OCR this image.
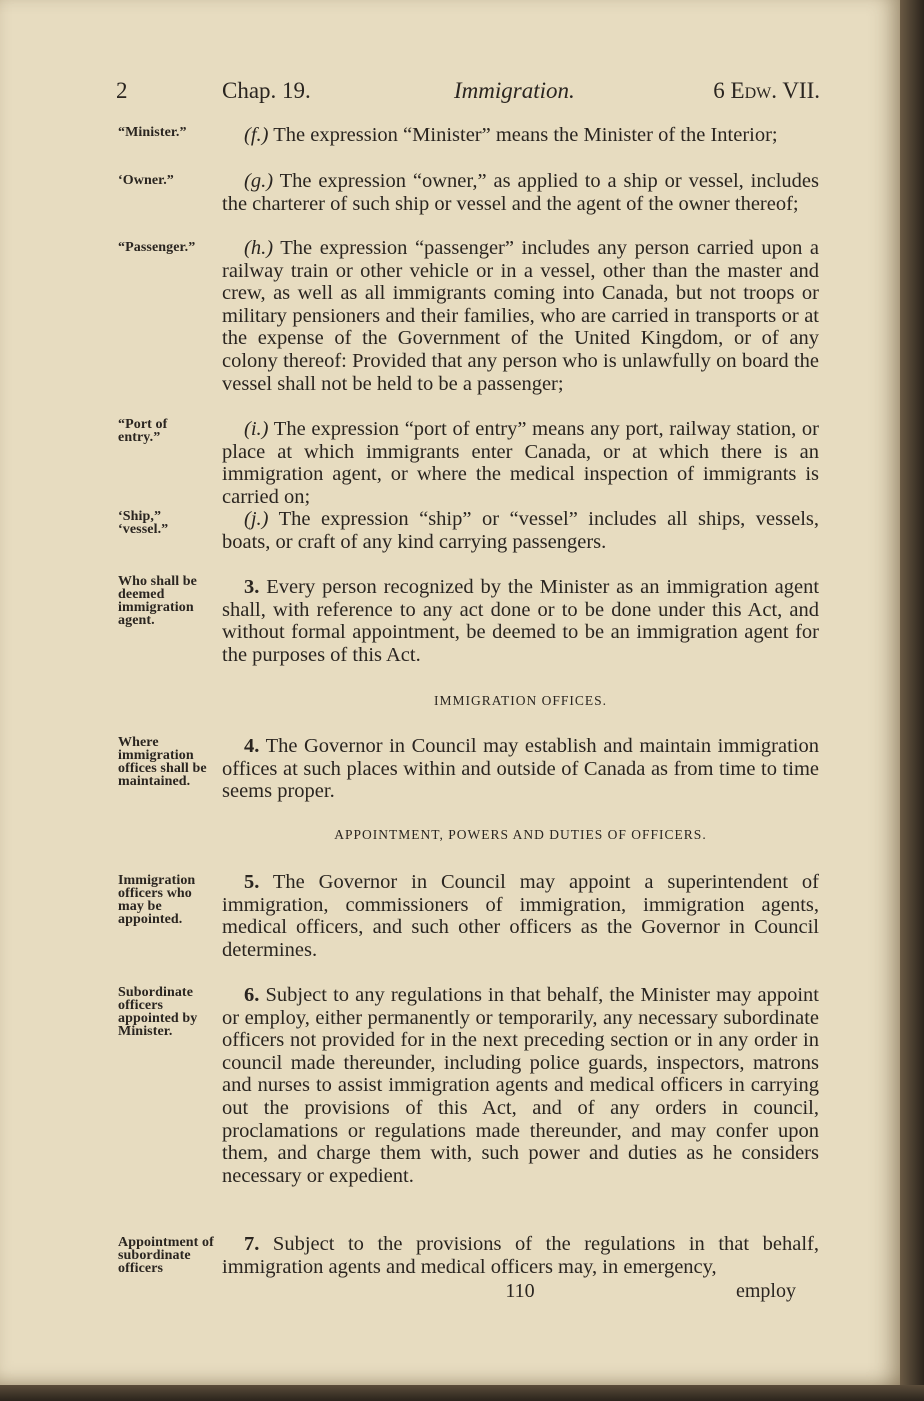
2	Chap. 19.	Immigration.	6 Edw. VII.
“Minister.”	(f.) The expression “Minister” means the Minister of the Interior;
‘Owner.”	(g.) The expression “owner,” as applied to a ship or vessel, includes the charterer of such ship or vessel and the agent of the owner thereof;
“Passenger.”	(h.) The expression “passenger” includes any person carried upon a railway train or other vehicle or in a vessel, other than the master and crew, as well as all immigrants coming into Canada, but not troops or military pensioners and their families, who are carried in transports or at the expense of the Government of the United Kingdom, or of any colony thereof: Provided that any person who is unlawfully on board the vessel shall not be held to be a passenger;
“Port of entry.”	(i.) The expression “port of entry” means any port, railway station, or place at which immigrants enter Canada, or at which there is an immigration agent, or where the medical inspection of immigrants is carried on;
‘Ship,” ‘vessel.”	(j.) The expression “ship” or “vessel” includes all ships, vessels, boats, or craft of any kind carrying passengers.
Who shall be deemed immigration agent.
3. Every person recognized by the Minister as an immigration agent shall, with reference to any act done or to be done under this Act, and without formal appointment, be deemed to be an immigration agent for the purposes of this Act.
IMMIGRATION OFFICES.
Where immigration offices shall be maintained.
4. The Governor in Council may establish and maintain immigration offices at such places within and outside of Canada as from time to time seems proper.
APPOINTMENT, POWERS AND DUTIES OF OFFICERS.
Immigration officers who may be appointed.
5. The Governor in Council may appoint a superintendent of immigration, commissioners of immigration, immigration agents, medical officers, and such other officers as the Governor in Council determines.
Subordinate officers appointed by Minister.
6. Subject to any regulations in that behalf, the Minister may appoint or employ, either permanently or temporarily, any necessary subordinate officers not provided for in the next preceding section or in any order in council made thereunder, including police guards, inspectors, matrons and nurses to assist immigration agents and medical officers in carrying out the provisions of this Act, and of any orders in council, proclamations or regulations made thereunder, and may confer upon them, and charge them with, such power and duties as he considers necessary or expedient.
Appointment of subordinate officers
7. Subject to the provisions of the regulations in that behalf, immigration agents and medical officers may, in emergency,
110	employ
